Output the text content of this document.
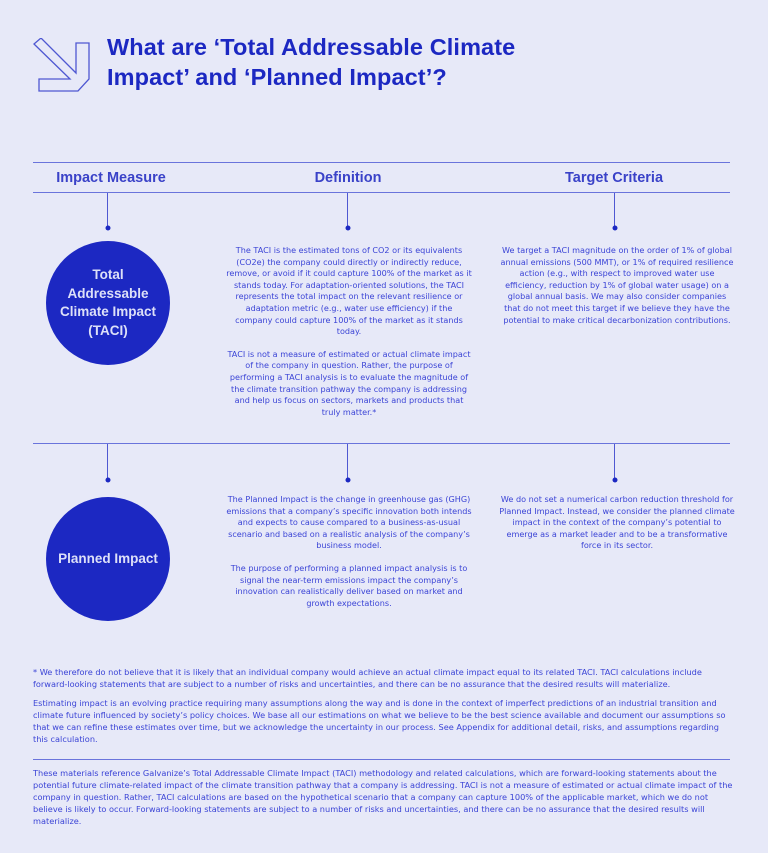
What are ‘Total Addressable Climate Impact’ and ‘Planned Impact’?
Impact Measure	Definition	Target Criteria
Total Addressable Climate Impact (TACI)

The TACI is the estimated tons of CO2 or its equivalents (CO2e) the company could directly or indirectly reduce, remove, or avoid if it could capture 100% of the market as it stands today. For adaptation-oriented solutions, the TACI represents the total impact on the relevant resilience or adaptation metric (e.g., water use efficiency) if the company could capture 100% of the market as it stands today.

TACI is not a measure of estimated or actual climate impact of the company in question. Rather, the purpose of performing a TACI analysis is to evaluate the magnitude of the climate transition pathway the company is addressing and help us focus on sectors, markets and products that truly matter.*

We target a TACI magnitude on the order of 1% of global annual emissions (500 MMT), or 1% of required resilience action (e.g., with respect to improved water use efficiency, reduction by 1% of global water usage) on a global annual basis. We may also consider companies that do not meet this target if we believe they have the potential to make critical decarbonization contributions.

Planned Impact

The Planned Impact is the change in greenhouse gas (GHG) emissions that a company’s specific innovation both intends and expects to cause compared to a business-as-usual scenario and based on a realistic analysis of the company’s business model.

The purpose of performing a planned impact analysis is to signal the near-term emissions impact the company’s innovation can realistically deliver based on market and growth expectations.

We do not set a numerical carbon reduction threshold for Planned Impact. Instead, we consider the planned climate impact in the context of the company’s potential to emerge as a market leader and to be a transformative force in its sector.

* We therefore do not believe that it is likely that an individual company would achieve an actual climate impact equal to its related TACI. TACI calculations include forward-looking statements that are subject to a number of risks and uncertainties, and there can be no assurance that the desired results will materialize.

Estimating impact is an evolving practice requiring many assumptions along the way and is done in the context of imperfect predictions of an industrial transition and climate future influenced by society’s policy choices. We base all our estimations on what we believe to be the best science available and document our assumptions so that we can refine these estimates over time, but we acknowledge the uncertainty in our process. See Appendix for additional detail, risks, and assumptions regarding this calculation.

These materials reference Galvanize’s Total Addressable Climate Impact (TACI) methodology and related calculations, which are forward-looking statements about the potential future climate-related impact of the climate transition pathway that a company is addressing. TACI is not a measure of estimated or actual climate impact of the company in question. Rather, TACI calculations are based on the hypothetical scenario that a company can capture 100% of the applicable market, which we do not believe is likely to occur. Forward-looking statements are subject to a number of risks and uncertainties, and there can be no assurance that the desired results will materialize.
